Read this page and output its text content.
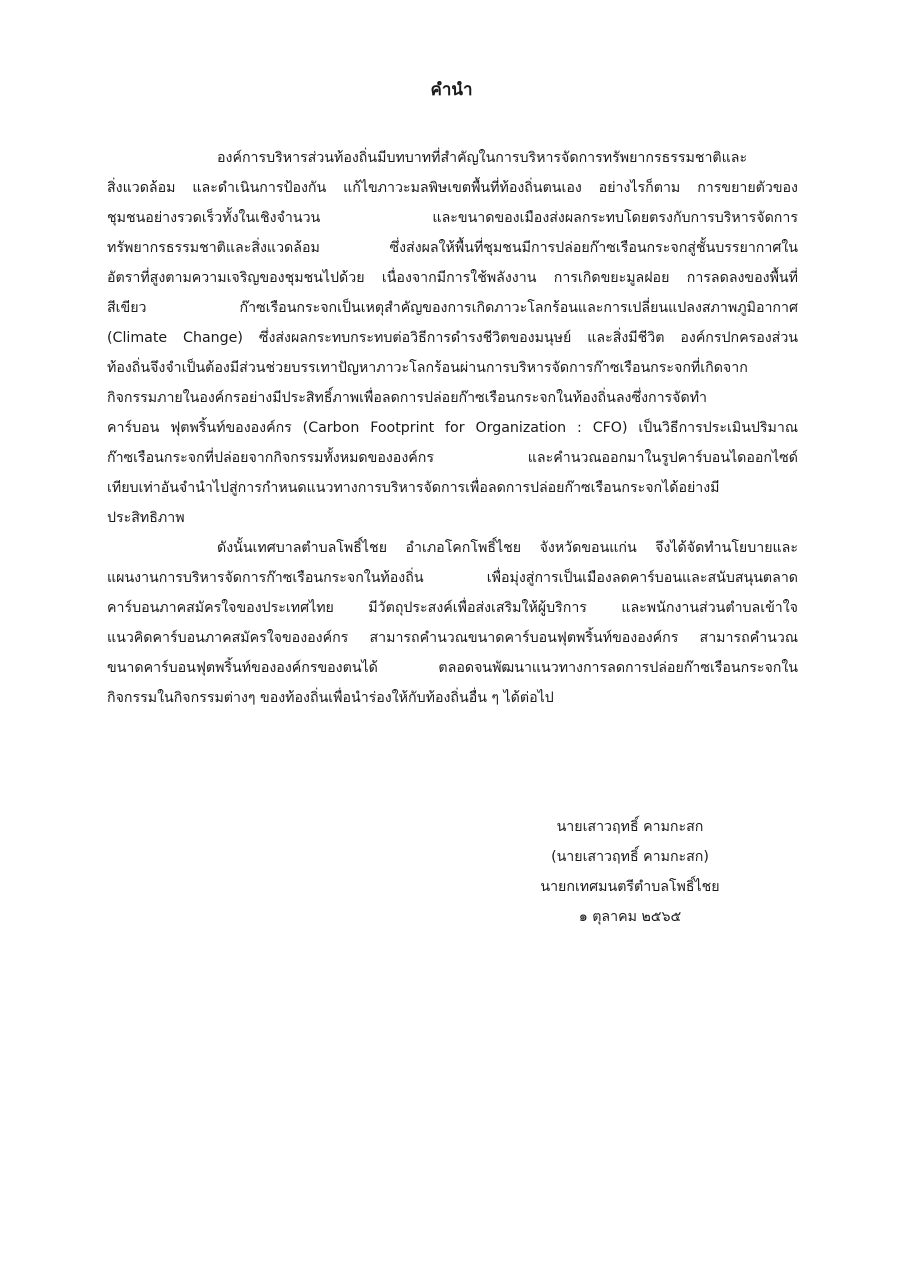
คำนำ
องค์การบริหารส่วนท้องถิ่นมีบทบาทที่สำคัญในการบริหารจัดการทรัพยากรธรรมชาติและ
สิ่งแวดล้อม และดำเนินการป้องกัน แก้ไขภาวะมลพิษเขตพื้นที่ท้องถิ่นตนเอง อย่างไรก็ตาม การขยายตัวของ
ชุมชนอย่างรวดเร็วทั้งในเชิงจำนวน และขนาดของเมืองส่งผลกระทบโดยตรงกับการบริหารจัดการ
ทรัพยากรธรรมชาติและสิ่งแวดล้อม ซึ่งส่งผลให้พื้นที่ชุมชนมีการปล่อยก๊าซเรือนกระจกสู่ชั้นบรรยากาศใน
อัตราที่สูงตามความเจริญของชุมชนไปด้วย เนื่องจากมีการใช้พลังงาน การเกิดขยะมูลฝอย การลดลงของพื้นที่
สีเขียว ก๊าซเรือนกระจกเป็นเหตุสำคัญของการเกิดภาวะโลกร้อนและการเปลี่ยนแปลงสภาพภูมิอากาศ
(Climate Change) ซึ่งส่งผลกระทบกระทบต่อวิธีการดำรงชีวิตของมนุษย์ และสิ่งมีชีวิต องค์กรปกครองส่วน
ท้องถิ่นจึงจำเป็นต้องมีส่วนช่วยบรรเทาปัญหาภาวะโลกร้อนผ่านการบริหารจัดการก๊าซเรือนกระจกที่เกิดจาก
กิจกรรมภายในองค์กรอย่างมีประสิทธิ์ภาพเพื่อลดการปล่อยก๊าซเรือนกระจกในท้องถิ่นลงซึ่งการจัดทำ
คาร์บอน ฟุตพริ้นท์ขององค์กร (Carbon Footprint for Organization : CFO) เป็นวิธีการประเมินปริมาณ
ก๊าซเรือนกระจกที่ปล่อยจากกิจกรรมทั้งหมดขององค์กร และคำนวณออกมาในรูปคาร์บอนไดออกไซด์
เทียบเท่าอันจำนำไปสู่การกำหนดแนวทางการบริหารจัดการเพื่อลดการปล่อยก๊าซเรือนกระจกได้อย่างมี
ประสิทธิภาพ
ดังนั้นเทศบาลตำบลโพธิ์ไชย อำเภอโคกโพธิ์ไชย จังหวัดขอนแก่น จึงได้จัดทำนโยบายและ
แผนงานการบริหารจัดการก๊าซเรือนกระจกในท้องถิ่น เพื่อมุ่งสู่การเป็นเมืองลดคาร์บอนและสนับสนุนตลาด
คาร์บอนภาคสมัครใจของประเทศไทย มีวัตถุประสงค์เพื่อส่งเสริมให้ผู้บริการ และพนักงานส่วนตำบลเข้าใจ
แนวคิดคาร์บอนภาคสมัครใจขององค์กร สามารถคำนวณขนาดคาร์บอนฟุตพริ้นท์ขององค์กร สามารถคำนวณ
ขนาดคาร์บอนฟุตพริ้นท์ขององค์กรของตนได้ ตลอดจนพัฒนาแนวทางการลดการปล่อยก๊าซเรือนกระจกใน
กิจกรรมในกิจกรรมต่างๆ ของท้องถิ่นเพื่อนำร่องให้กับท้องถิ่นอื่น ๆ ได้ต่อไป
นายเสาวฤทธิ์ คามกะสก
(นายเสาวฤทธิ์ คามกะสก)
นายกเทศมนตรีตำบลโพธิ์ไชย
๑ ตุลาคม ๒๕๖๕
